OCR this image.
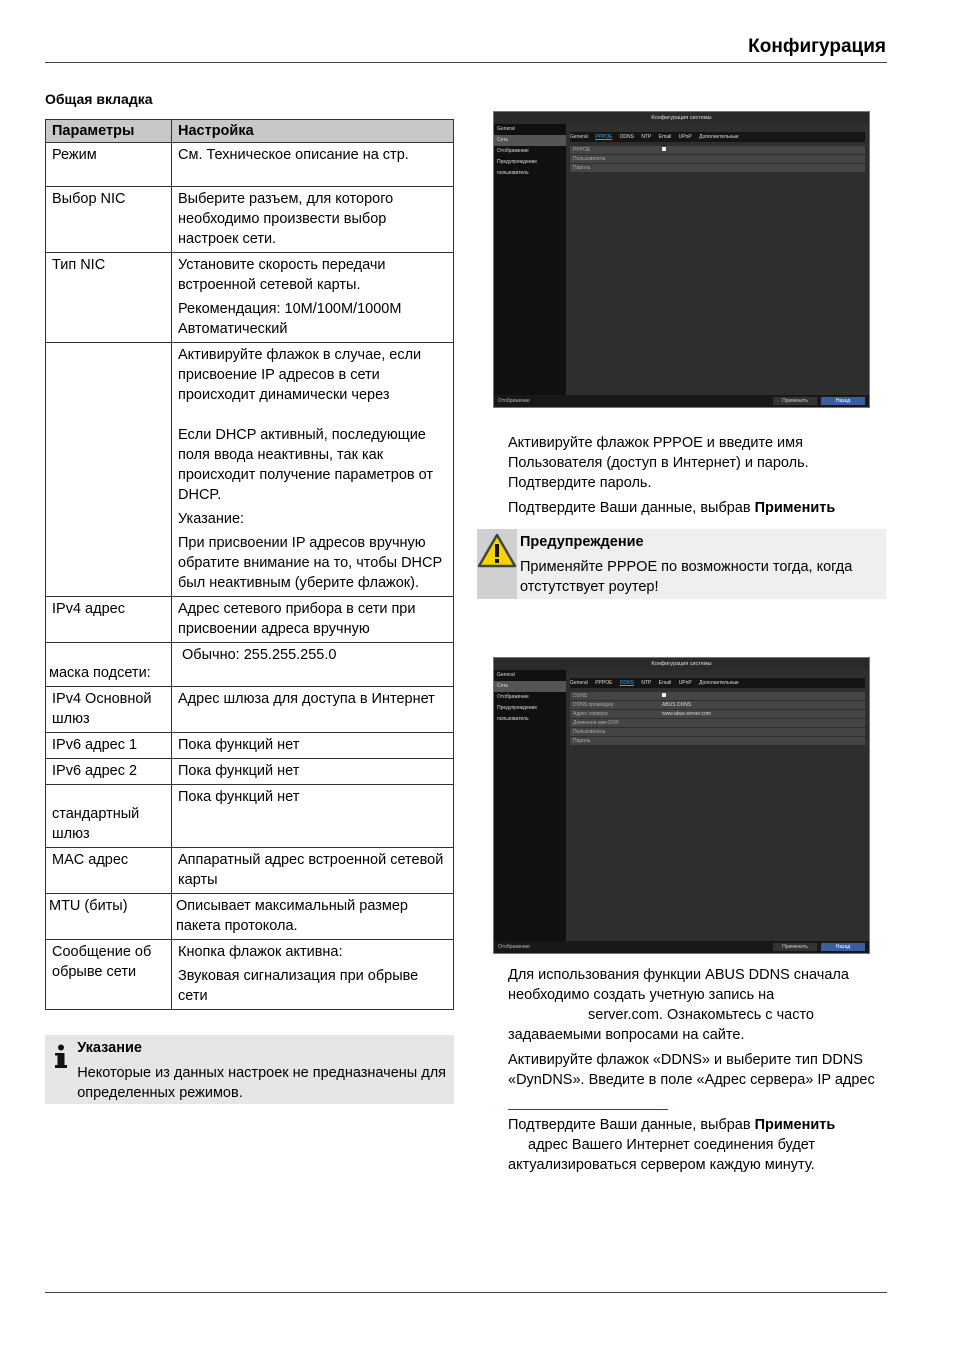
Конфигурация
Общая вкладка
Параметры	Настройка
Режим	См. Техническое описание на стр.

Выбор NIC	Выберите разъем, для которого необходимо произвести выбор настроек сети.

Тип NIC	Установите скорость передачи встроенной сетевой карты.

Рекомендация: 10M/100M/1000M Автоматический

	Активируйте флажок в случае, если присвоение IP адресов в сети происходит динамически через

Если DHCP активный, последующие поля ввода неактивны, так как происходит получение параметров от DHCP.

Указание:

При присвоении IP адресов вручную обратите внимание на то, чтобы DHCP был неактивным (уберите флажок).

IPv4 адрес	Адрес сетевого прибора в сети при присвоении адреса вручную

маска подсети:	Обычно: 255.255.255.0

IPv4 Основной шлюз	Адрес шлюза для доступа в Интернет

IPv6 адрес 1	Пока функций нет

IPv6 адрес 2	Пока функций нет

стандартный шлюз	Пока функций нет

MAC адрес	Аппаратный адрес встроенной сетевой карты

MTU (биты)	Описывает максимальный размер пакета протокола.

Сообщение об обрыве сети	Кнопка флажок активна:

Звуковая сигнализация при обрыве сети

Указание
Некоторые из данных настроек не предназначены для определенных режимов.
Конфигурация системы
General
Сеть
Отображение
Предупреждение
пользователь
General PPPOE DDNS NTP Email UPnP Дополнительные
PPPOE
Пользователь
Пароль
Отображение	Применить	Назад

Активируйте флажок PPPOE и введите имя Пользователя (доступ в Интернет) и пароль. Подтвердите пароль.

Подтвердите Ваши данные, выбрав Применить

Предупреждение
Применяйте PPPOE по возможности тогда, когда отстутствует роутер!
Конфигурация системы
General
Сеть
Отображение
Предупреждение
пользователь
General PPPOE DDNS NTP Email UPnP Дополнительные
DDNS
DDNS провайдер	ABUS DDNS
Адрес сервера	www.abus-server.com
Доменное имя DVR
Пользователь
Пароль
Отображение	Применить	Назад

Для использования функции ABUS DDNS сначала необходимо создать учетную запись на
server.com. Ознакомьтесь с часто задаваемыми вопросами на сайте.

Активируйте флажок «DDNS» и выберите тип DDNS «DynDNS». Введите в поле «Адрес сервера» IP адрес

Подтвердите Ваши данные, выбрав Применить
адрес Вашего Интернет соединения будет актуализироваться сервером каждую минуту.
